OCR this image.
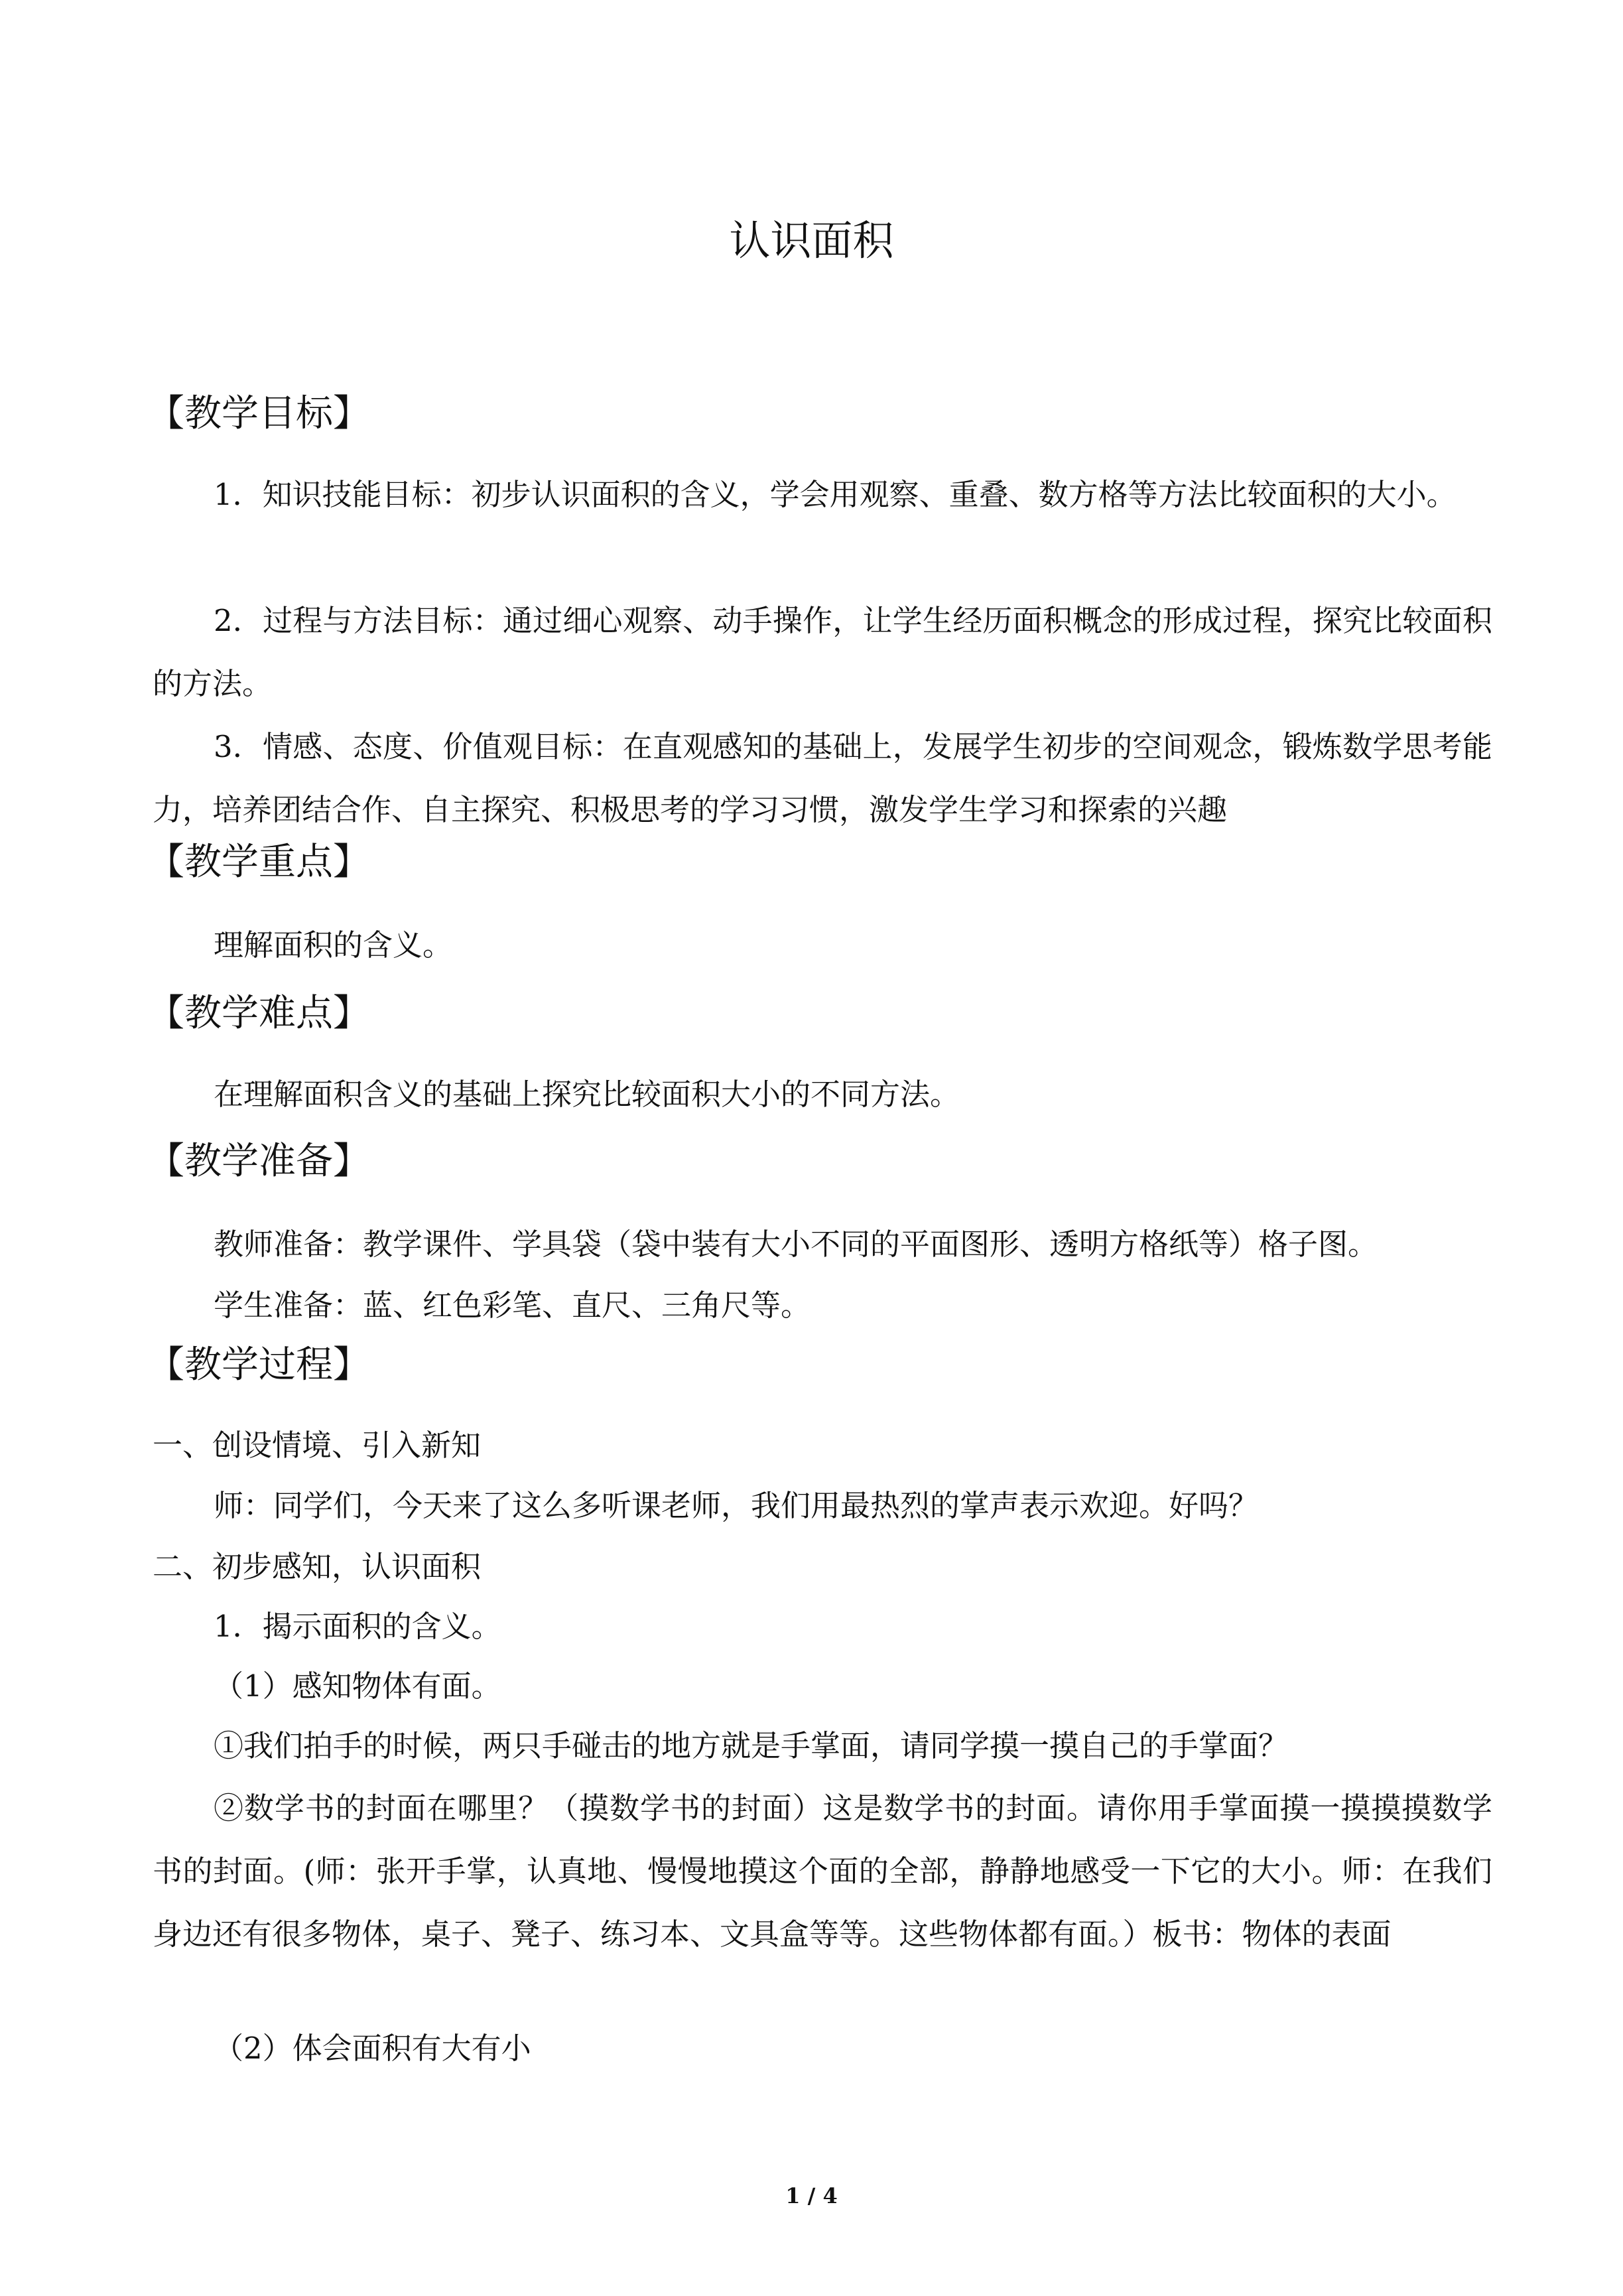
认识面积
【教学目标】
1．知识技能目标：初步认识面积的含义，学会用观察、重叠、数方格等方法比较面积的大小。
2．过程与方法目标：通过细心观察、动手操作，让学生经历面积概念的形成过程，探究比较面积的方法。
3．情感、态度、价值观目标：在直观感知的基础上，发展学生初步的空间观念，锻炼数学思考能力，培养团结合作、自主探究、积极思考的学习习惯，激发学生学习和探索的兴趣
【教学重点】
理解面积的含义。
【教学难点】
在理解面积含义的基础上探究比较面积大小的不同方法。
【教学准备】
教师准备：教学课件、学具袋（袋中装有大小不同的平面图形、透明方格纸等）格子图。
学生准备：蓝、红色彩笔、直尺、三角尺等。
【教学过程】
一、创设情境、引入新知
师：同学们，今天来了这么多听课老师，我们用最热烈的掌声表示欢迎。好吗？
二、初步感知，认识面积
1．揭示面积的含义。
（1）感知物体有面。
①我们拍手的时候，两只手碰击的地方就是手掌面，请同学摸一摸自己的手掌面？
②数学书的封面在哪里？（摸数学书的封面）这是数学书的封面。请你用手掌面摸一摸摸摸数学书的封面。(师：张开手掌，认真地、慢慢地摸这个面的全部，静静地感受一下它的大小。师：在我们身边还有很多物体，桌子、凳子、练习本、文具盒等等。这些物体都有面。）板书：物体的表面
（2）体会面积有大有小
1 / 4
